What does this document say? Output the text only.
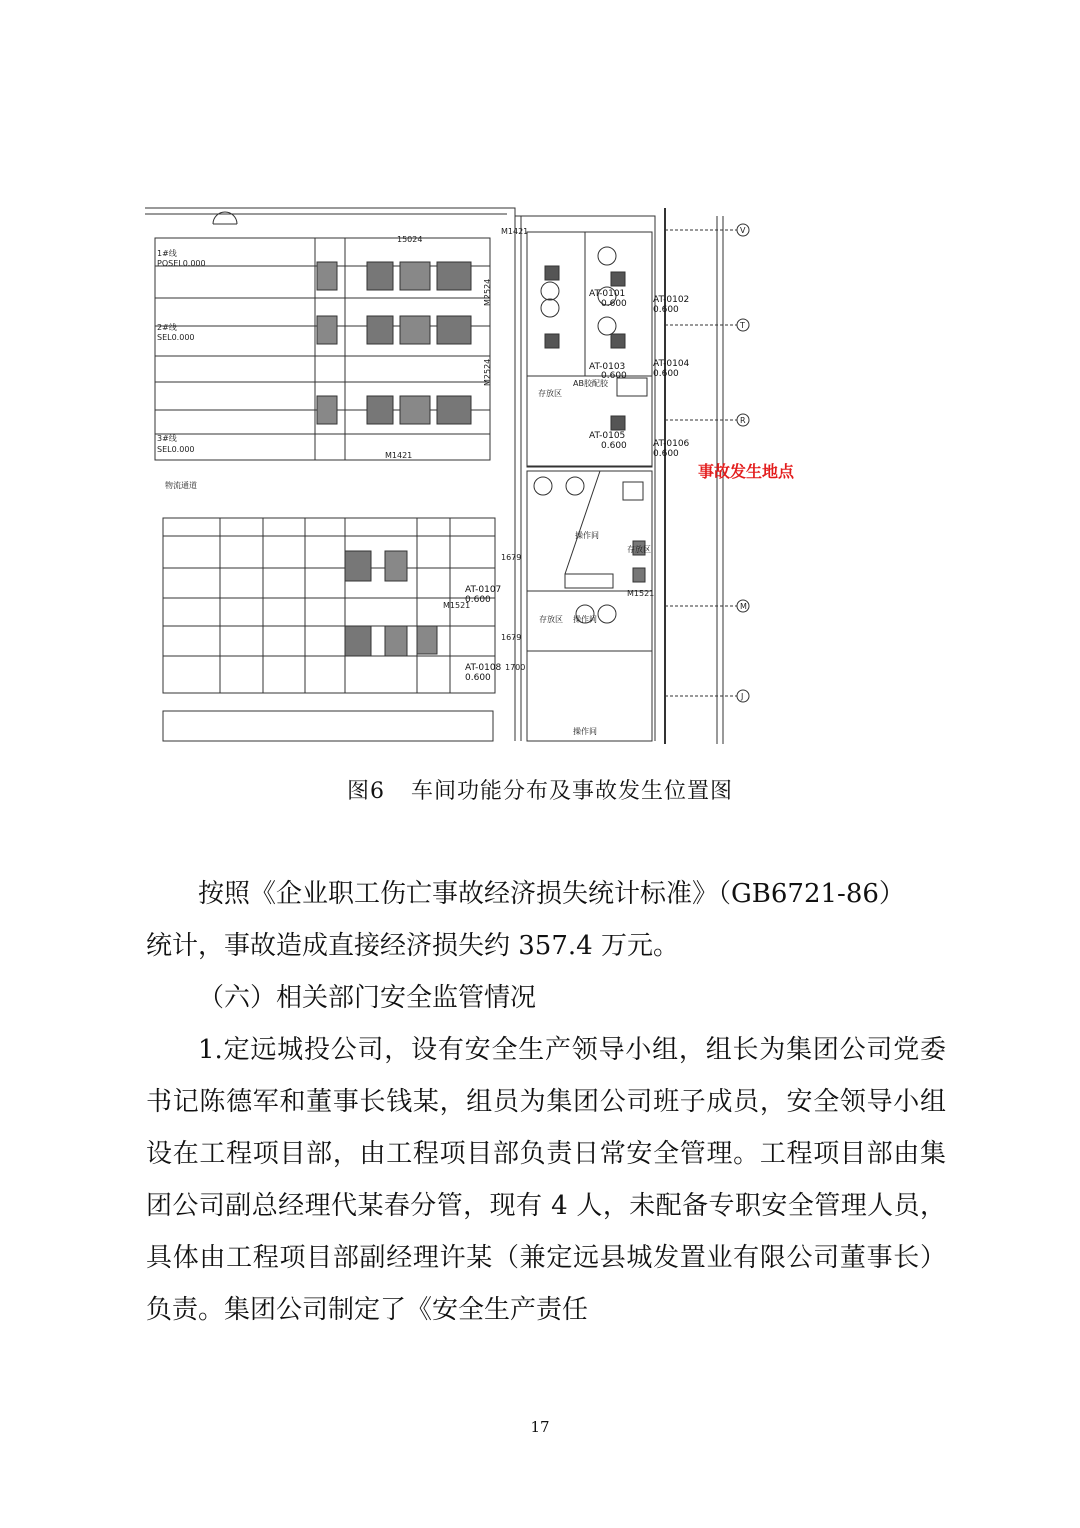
1#线
POSEL0.000
2#线
SEL0.000
3#线
SEL0.000
物流通道
15024
M1421
M1421
M2524
M2524
AT-0101
0.600	AT-0102
0.600
AT-0103
0.600
AT-0104
0.600
AT-0105
0.600	AT-0106
0.600
AT-0107
0.600
AT-0108
0.600
AB胶配胶
操作间
操作间
操作间
存放区
存放区
存放区
1679
1679
1700
M1521
M1521
V
T
R
M
J
事故发生地点
图6 车间功能分布及事故发生位置图

按照《企业职工伤亡事故经济损失统计标准》（GB6721-86）

统计，事故造成直接经济损失约 357.4 万元。

（六）相关部门安全监管情况

1.定远城投公司，设有安全生产领导小组，组长为集团公司党委书记陈德军和董事长钱某，组员为集团公司班子成员，安全领导小组设在工程项目部，由工程项目部负责日常安全管理。工程项目部由集团公司副总经理代某春分管，现有 4 人，未配备专职安全管理人员，具体由工程项目部副经理许某（兼定远县城发置业有限公司董事长）负责。集团公司制定了《安全生产责任

17
